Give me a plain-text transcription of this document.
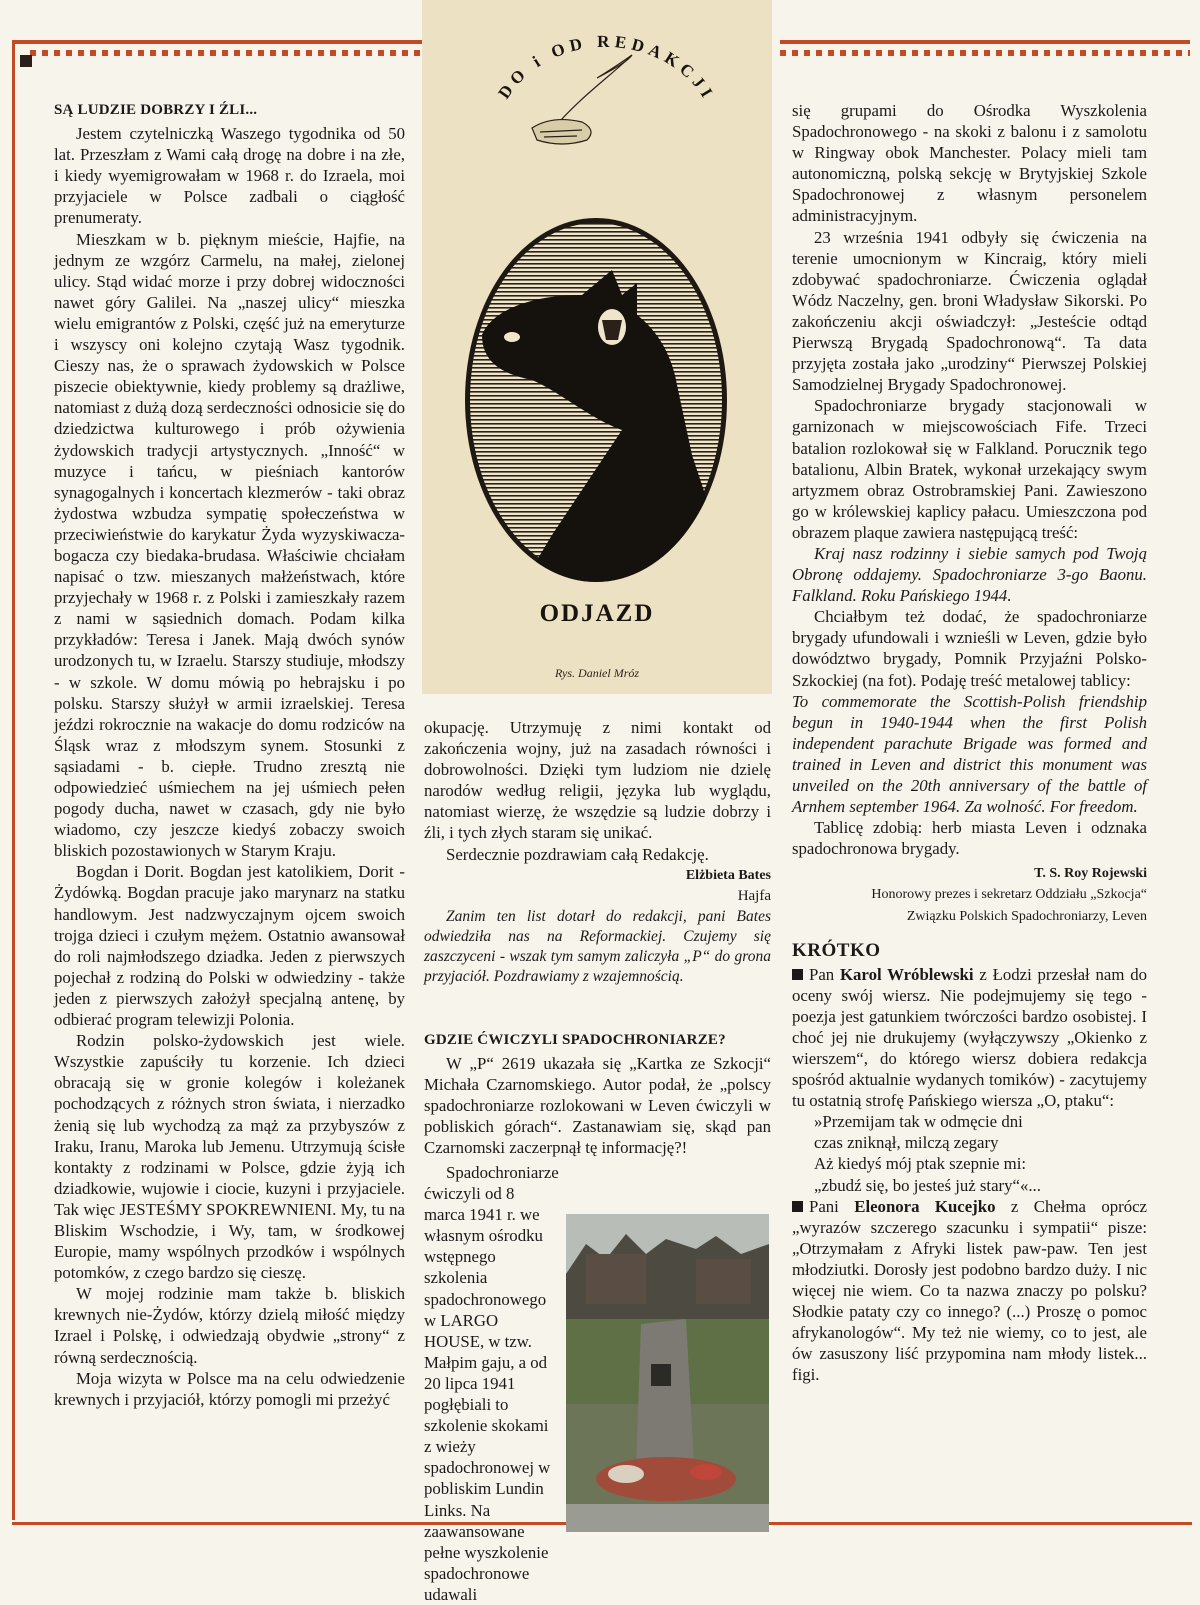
DO i OD REDAKCJI
ODJAZD
Rys. Daniel Mróz
SĄ LUDZIE DOBRZY I ŹLI...

Jestem czytelniczką Waszego tygodnika od 50 lat. Przeszłam z Wami całą drogę na dobre i na złe, i kiedy wyemigrowałam w 1968 r. do Izraela, moi przyjaciele w Polsce zadbali o ciągłość prenumeraty.

Mieszkam w b. pięknym mieście, Hajfie, na jednym ze wzgórz Carmelu, na małej, zielonej ulicy. Stąd widać morze i przy dobrej widoczności nawet góry Galilei. Na „naszej ulicy“ mieszka wielu emigrantów z Polski, część już na emeryturze i wszyscy oni kolejno czytają Wasz tygodnik. Cieszy nas, że o sprawach żydowskich w Polsce piszecie obiektywnie, kiedy problemy są drażliwe, natomiast z dużą dozą serdeczności odnosicie się do dziedzictwa kulturowego i prób ożywienia żydowskich tradycji artystycznych. „Inność“ w muzyce i tańcu, w pieśniach kantorów synagogalnych i koncertach klezmerów - taki obraz żydostwa wzbudza sympatię społeczeństwa w przeciwieństwie do karykatur Żyda wyzyskiwacza-bogacza czy biedaka-brudasa. Właściwie chciałam napisać o tzw. mieszanych małżeństwach, które przyjechały w 1968 r. z Polski i zamieszkały razem z nami w sąsiednich domach. Podam kilka przykładów: Teresa i Janek. Mają dwóch synów urodzonych tu, w Izraelu. Starszy studiuje, młodszy - w szkole. W domu mówią po hebrajsku i po polsku. Starszy służył w armii izraelskiej. Teresa jeździ rokrocznie na wakacje do domu rodziców na Śląsk wraz z młodszym synem. Stosunki z sąsiadami - b. ciepłe. Trudno zresztą nie odpowiedzieć uśmiechem na jej uśmiech pełen pogody ducha, nawet w czasach, gdy nie było wiadomo, czy jeszcze kiedyś zobaczy swoich bliskich pozostawionych w Starym Kraju.

Bogdan i Dorit. Bogdan jest katolikiem, Dorit - Żydówką. Bogdan pracuje jako marynarz na statku handlowym. Jest nadzwyczajnym ojcem swoich trojga dzieci i czułym mężem. Ostatnio awansował do roli najmłodszego dziadka. Jeden z pierwszych pojechał z rodziną do Polski w odwiedziny - także jeden z pierwszych założył specjalną antenę, by odbierać program telewizji Polonia.

Rodzin polsko-żydowskich jest wiele. Wszystkie zapuściły tu korzenie. Ich dzieci obracają się w gronie kolegów i koleżanek pochodzących z różnych stron świata, i nierzadko żenią się lub wychodzą za mąż za przybyszów z Iraku, Iranu, Maroka lub Jemenu. Utrzymują ścisłe kontakty z rodzinami w Polsce, gdzie żyją ich dziadkowie, wujowie i ciocie, kuzyni i przyjaciele. Tak więc JESTEŚMY SPOKREWNIENI. My, tu na Bliskim Wschodzie, i Wy, tam, w środkowej Europie, mamy wspólnych przodków i wspólnych potomków, z czego bardzo się cieszę.

W mojej rodzinie mam także b. bliskich krewnych nie-Żydów, którzy dzielą miłość między Izrael i Polskę, i odwiedzają obydwie „strony“ z równą serdecznością.

Moja wizyta w Polsce ma na celu odwiedzenie krewnych i przyjaciół, którzy pomogli mi przeżyć

okupację. Utrzymuję z nimi kontakt od zakończenia wojny, już na zasadach równości i dobrowolności. Dzięki tym ludziom nie dzielę narodów według religii, języka lub wyglądu, natomiast wierzę, że wszędzie są ludzie dobrzy i źli, i tych złych staram się unikać.

Serdecznie pozdrawiam całą Redakcję.

Elżbieta Bates
Hajfa

Zanim ten list dotarł do redakcji, pani Bates odwiedziła nas na Reformackiej. Czujemy się zaszczyceni - wszak tym samym zaliczyła „P“ do grona przyjaciół. Pozdrawiamy z wzajemnością.

GDZIE ĆWICZYLI SPADOCHRONIARZE?

W „P“ 2619 ukazała się „Kartka ze Szkocji“ Michała Czarnomskiego. Autor podał, że „polscy spadochroniarze rozlokowani w Leven ćwiczyli w pobliskich górach“. Zastanawiam się, skąd pan Czarnomski zaczerpnął tę informację?!

Spadochroniarze ćwiczyli od 8 marca 1941 r. we własnym ośrodku wstępnego szkolenia spadochronowego w LARGO HOUSE, w tzw. Małpim gaju, a od 20 lipca 1941 pogłębiali to szkolenie skokami z wieży spadochronowej w pobliskim Lundin Links. Na zaawansowane pełne wyszkolenie spadochronowe udawali

się grupami do Ośrodka Wyszkolenia Spadochronowego - na skoki z balonu i z samolotu w Ringway obok Manchester. Polacy mieli tam autonomiczną, polską sekcję w Brytyjskiej Szkole Spadochronowej z własnym personelem administracyjnym.

23 września 1941 odbyły się ćwiczenia na terenie umocnionym w Kincraig, który mieli zdobywać spadochroniarze. Ćwiczenia oglądał Wódz Naczelny, gen. broni Władysław Sikorski. Po zakończeniu akcji oświadczył: „Jesteście odtąd Pierwszą Brygadą Spadochronową“. Ta data przyjęta została jako „urodziny“ Pierwszej Polskiej Samodzielnej Brygady Spadochronowej.

Spadochroniarze brygady stacjonowali w garnizonach w miejscowościach Fife. Trzeci batalion rozlokował się w Falkland. Porucznik tego batalionu, Albin Bratek, wykonał urzekający swym artyzmem obraz Ostrobramskiej Pani. Zawieszono go w królewskiej kaplicy pałacu. Umieszczona pod obrazem plaque zawiera następującą treść:

Kraj nasz rodzinny i siebie samych pod Twoją Obronę oddajemy. Spadochroniarze 3-go Baonu. Falkland. Roku Pańskiego 1944.

Chciałbym też dodać, że spadochroniarze brygady ufundowali i wznieśli w Leven, gdzie było dowództwo brygady, Pomnik Przyjaźni Polsko-Szkockiej (na fot). Podaję treść metalowej tablicy:

To commemorate the Scottish-Polish friendship begun in 1940-1944 when the first Polish independent parachute Brigade was formed and trained in Leven and district this monument was unveiled on the 20th anniversary of the battle of Arnhem september 1964. Za wolność. For freedom.

Tablicę zdobią: herb miasta Leven i odznaka spadochronowa brygady.

T. S. Roy Rojewski
Honorowy prezes i sekretarz Oddziału „Szkocja“
Związku Polskich Spadochroniarzy, Leven
KRÓTKO

Pan Karol Wróblewski z Łodzi przesłał nam do oceny swój wiersz. Nie podejmujemy się tego - poezja jest gatunkiem twórczości bardzo osobistej. I choć jej nie drukujemy (wyłączywszy „Okienko z wierszem“, do którego wiersz dobiera redakcja spośród aktualnie wydanych tomików) - zacytujemy tu ostatnią strofę Pańskiego wiersza „O, ptaku“:

»Przemijam tak w odmęcie dni

czas zniknął, milczą zegary

Aż kiedyś mój ptak szepnie mi:

„zbudź się, bo jesteś już stary“«...

Pani Eleonora Kucejko z Chełma oprócz „wyrazów szczerego szacunku i sympatii“ pisze: „Otrzymałam z Afryki listek paw-paw. Ten jest młodziutki. Dorosły jest podobno bardzo duży. I nic więcej nie wiem. Co ta nazwa znaczy po polsku? Słodkie pataty czy co innego? (...) Proszę o pomoc afrykanologów“. My też nie wiemy, co to jest, ale ów zasuszony liść przypomina nam młody listek... figi.
